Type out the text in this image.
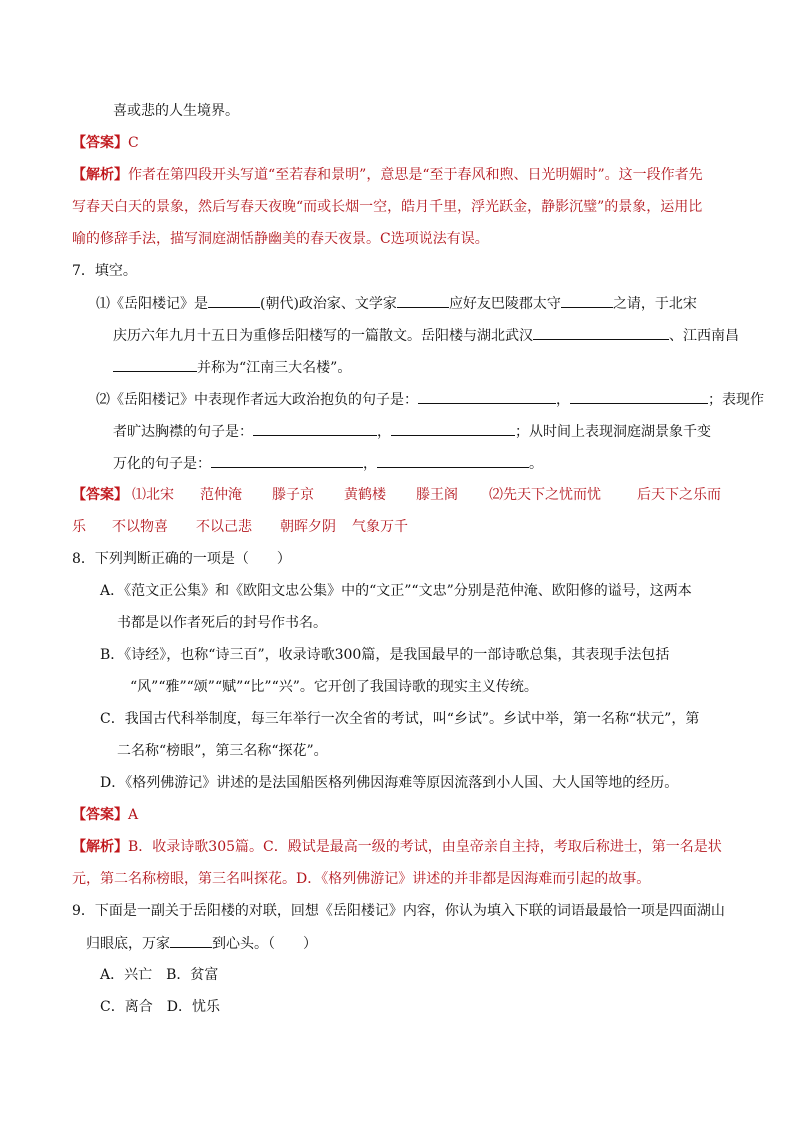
喜或悲的人生境界。
【答案】C
【解析】作者在第四段开头写道“至若春和景明”，意思是“至于春风和煦、日光明媚时”。这一段作者先
写春天白天的景象，然后写春天夜晚“而或长烟一空，皓月千里，浮光跃金，静影沉璧”的景象，运用比
喻的修辞手法，描写洞庭湖恬静幽美的春天夜景。C选项说法有误。
7．填空。
⑴《岳阳楼记》是	(朝代)政治家、文学家	应好友巴陵郡太守	之请，于北宋
庆历六年九月十五日为重修岳阳楼写的一篇散文。岳阳楼与湖北武汉	、江西南昌
并称为“江南三大名楼”。
⑵《岳阳楼记》中表现作者远大政治抱负的句子是：	，	；表现作
者旷达胸襟的句子是：	，	；从时间上表现洞庭湖景象千变
万化的句子是：	，	。
【答案】 ⑴北宋 范仲淹 滕子京 黄鹤楼 滕王阁 ⑵先天下之忧而忧	后天下之乐而
乐 不以物喜 不以己悲 朝晖夕阴 气象万千
8．下列判断正确的一项是（　　）
A．《范文正公集》和《欧阳文忠公集》中的“文正”“文忠”分别是范仲淹、欧阳修的谥号，这两本
书都是以作者死后的封号作书名。
B．《诗经》，也称“诗三百”，收录诗歌300篇，是我国最早的一部诗歌总集，其表现手法包括
“风”“雅”“颂”“赋”“比”“兴”。它开创了我国诗歌的现实主义传统。
C．我国古代科举制度，每三年举行一次全省的考试，叫“乡试”。乡试中举，第一名称“状元”，第
二名称“榜眼”，第三名称“探花”。
D．《格列佛游记》讲述的是法国船医格列佛因海难等原因流落到小人国、大人国等地的经历。
【答案】A
【解析】B．收录诗歌305篇。C．殿试是最高一级的考试，由皇帝亲自主持，考取后称进士，第一名是状
元，第二名称榜眼，第三名叫探花。D．《格列佛游记》讲述的并非都是因海难而引起的故事。
9．下面是一副关于岳阳楼的对联，回想《岳阳楼记》内容，你认为填入下联的词语最最恰一项是四面湖山
归眼底，万家	到心头。（　　）
A．兴亡 B．贫富
C．离合 D．忧乐
